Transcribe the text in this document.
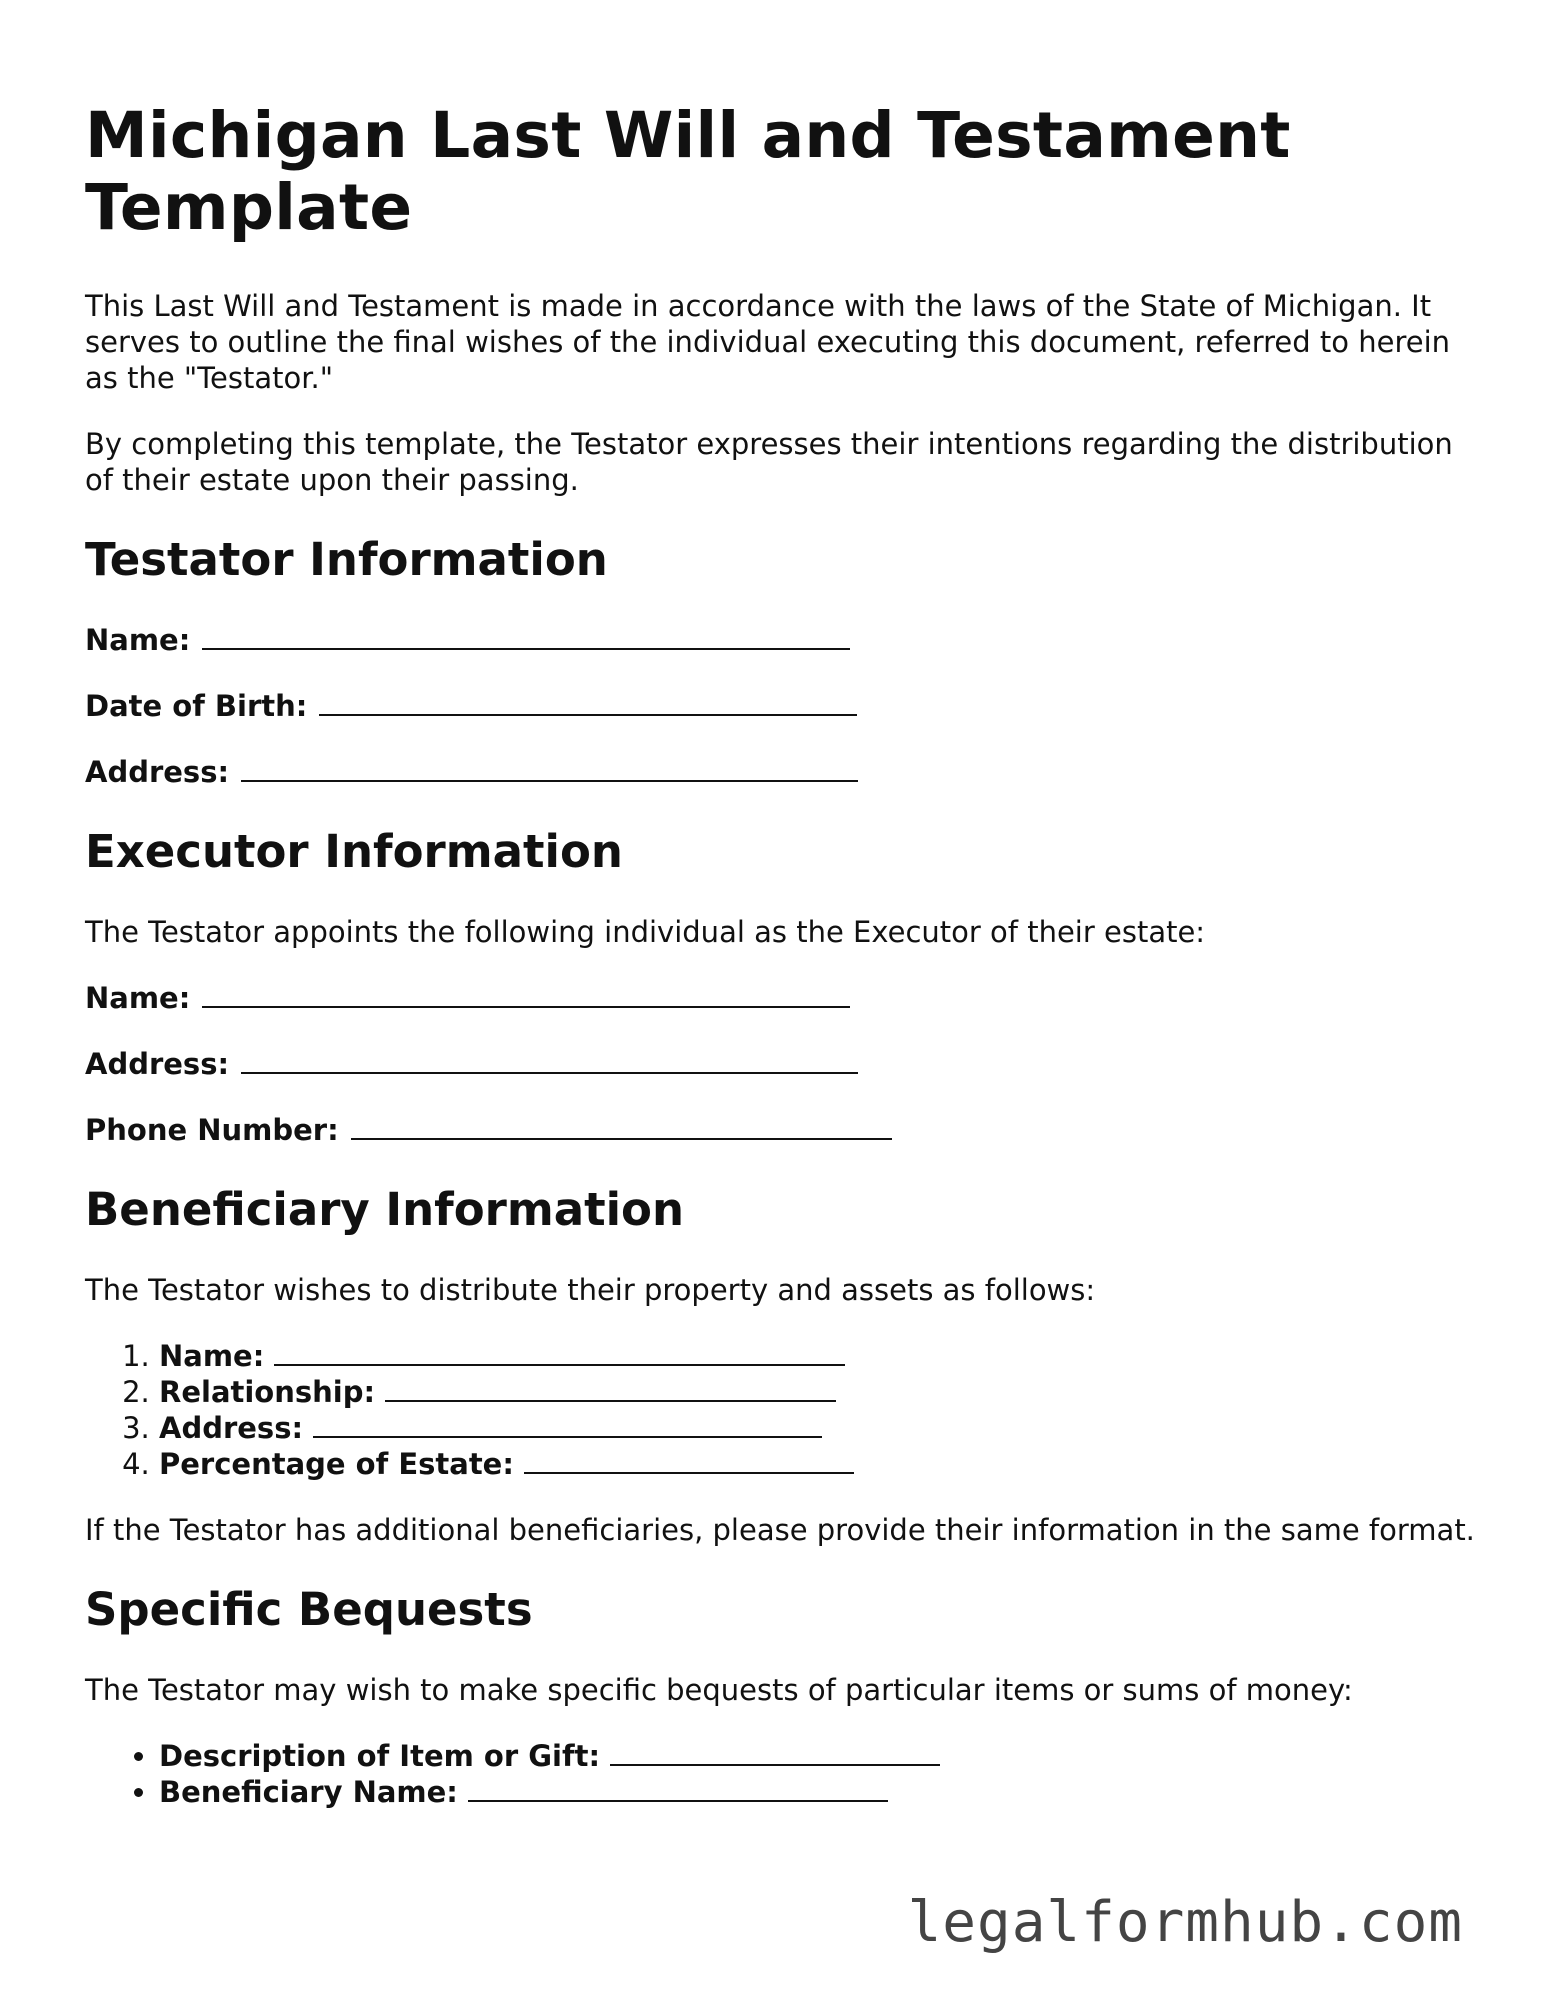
Michigan Last Will and Testament Template

This Last Will and Testament is made in accordance with the laws of the State of Michigan. It serves to outline the final wishes of the individual executing this document, referred to herein as the "Testator."

By completing this template, the Testator expresses their intentions regarding the distribution of their estate upon their passing.

Testator Information
Name:
Date of Birth:
Address:
Executor Information

The Testator appoints the following individual as the Executor of their estate:

Name:
Address:
Phone Number:
Beneficiary Information

The Testator wishes to distribute their property and assets as follows:

1. Name:
2. Relationship:
3. Address:
4. Percentage of Estate:

If the Testator has additional beneficiaries, please provide their information in the same format.

Specific Bequests

The Testator may wish to make specific bequests of particular items or sums of money:

• Description of Item or Gift:
• Beneficiary Name:
legalformhub.com
